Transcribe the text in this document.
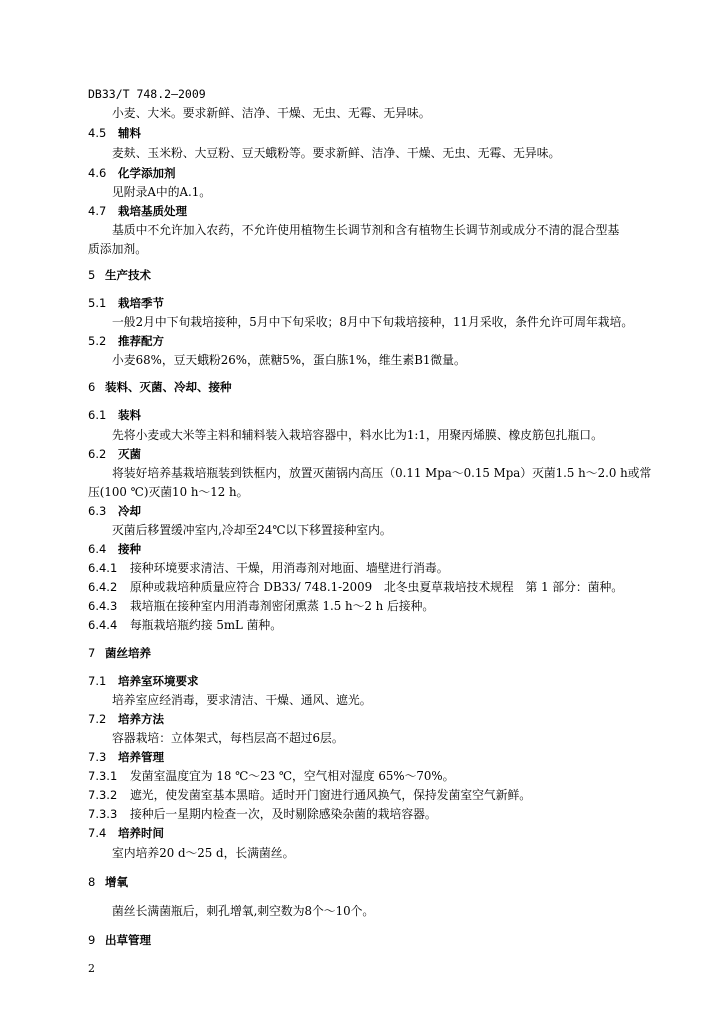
DB33/T 748.2—2009
小麦、大米。要求新鲜、洁净、干燥、无虫、无霉、无异味。
4.5 辅料
麦麸、玉米粉、大豆粉、豆天蛾粉等。要求新鲜、洁净、干燥、无虫、无霉、无异味。
4.6 化学添加剂
见附录A中的A.1。
4.7 栽培基质处理
基质中不允许加入农药，不允许使用植物生长调节剂和含有植物生长调节剂或成分不清的混合型基
质添加剂。
5 生产技术
5.1 栽培季节
一般2月中下旬栽培接种，5月中下旬采收；8月中下旬栽培接种，11月采收，条件允许可周年栽培。
5.2 推荐配方
小麦68%，豆天蛾粉26%，蔗糖5%，蛋白胨1%，维生素B1微量。
6 装料、灭菌、冷却、接种
6.1 装料
先将小麦或大米等主料和辅料装入栽培容器中，料水比为1:1，用聚丙烯膜、橡皮筋包扎瓶口。
6.2 灭菌
将装好培养基栽培瓶装到铁框内，放置灭菌锅内高压（0.11 Mpa～0.15 Mpa）灭菌1.5 h～2.0 h或常
压(100 ℃)灭菌10 h～12 h。
6.3 冷却
灭菌后移置缓冲室内,冷却至24℃以下移置接种室内。
6.4 接种
6.4.1 接种环境要求清洁、干燥，用消毒剂对地面、墙壁进行消毒。
6.4.2 原种或栽培种质量应符合 DB33/ 748.1-2009　北冬虫夏草栽培技术规程　第 1 部分：菌种。
6.4.3 栽培瓶在接种室内用消毒剂密闭熏蒸 1.5 h～2 h 后接种。
6.4.4 每瓶栽培瓶约接 5mL 菌种。
7 菌丝培养
7.1 培养室环境要求
培养室应经消毒，要求清洁、干燥、通风、遮光。
7.2 培养方法
容器栽培：立体架式，每档层高不超过6层。
7.3 培养管理
7.3.1 发菌室温度宜为 18 ℃～23 ℃，空气相对湿度 65%～70%。
7.3.2 遮光，使发菌室基本黑暗。适时开门窗进行通风换气，保持发菌室空气新鲜。
7.3.3 接种后一星期内检查一次，及时剔除感染杂菌的栽培容器。
7.4 培养时间
室内培养20 d～25 d，长满菌丝。
8 增氧
菌丝长满菌瓶后，刺孔增氧,刺空数为8个～10个。
9 出草管理
2
